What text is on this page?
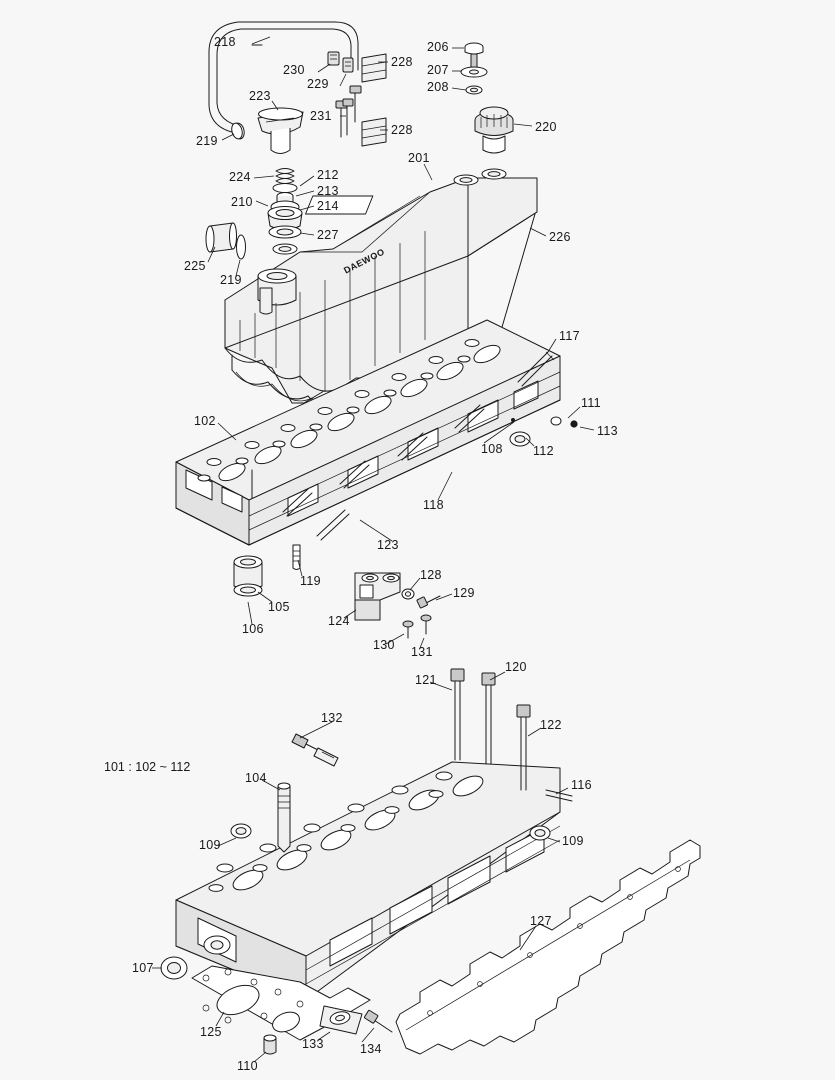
DAEWOO
101 : 102 ~ 112
218
230
229
228
206
207
208
220
223
219
231
228
201
224	212
213
210	214
226
227
225
219
117
111
113
112
102
108
118
123
119	128
129
105
124
130 131
106
120
121
122
132
104	116
109	109
127
107
125
133	134
110
